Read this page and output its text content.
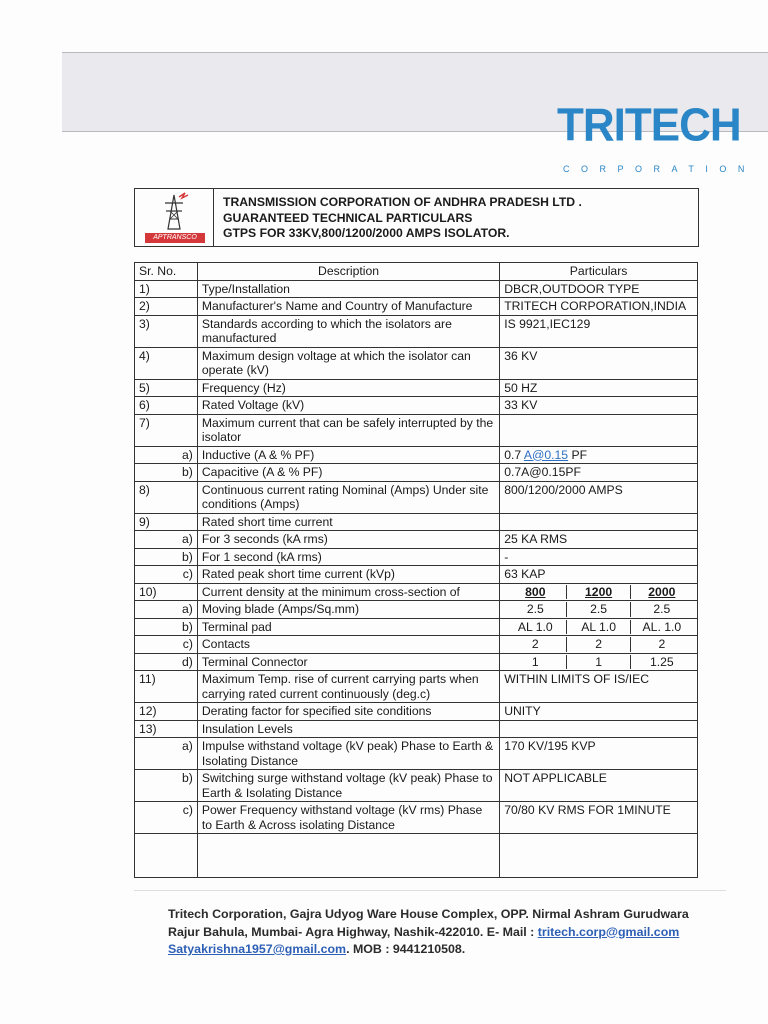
TRITECH
CORPORATION
APTRANSCO
TRANSMISSION CORPORATION OF ANDHRA PRADESH LTD .
GUARANTEED TECHNICAL PARTICULARS
GTPS FOR 33KV,800/1200/2000 AMPS ISOLATOR.
Sr. No.	Description	Particulars
1)	Type/Installation	DBCR,OUTDOOR TYPE
2)	Manufacturer's Name and Country of Manufacture	TRITECH CORPORATION,INDIA
3)	Standards according to which the isolators are manufactured	IS 9921,IEC129
4)	Maximum design voltage at which the isolator can operate (kV)	36 KV
5)	Frequency (Hz)	50 HZ
6)	Rated Voltage (kV)	33 KV
7)	Maximum current that can be safely interrupted by the isolator	
a)	Inductive (A & % PF)	0.7 A@0.15 PF
b)	Capacitive (A & % PF)	0.7A@0.15PF
8)	Continuous current rating Nominal (Amps) Under site conditions (Amps)	800/1200/2000 AMPS
9)	Rated short time current	
a)	For 3 seconds (kA rms)	25 KA RMS
b)	For 1 second (kA rms)	-
c)	Rated peak short time current (kVp)	63 KAP
10)	Current density at the minimum cross-section of	800 1200 2000

a)	Moving blade (Amps/Sq.mm)	2.5 2.5 2.5

b)	Terminal pad	AL 1.0 AL 1.0 AL. 1.0

c)	Contacts	2 2 2

d)	Terminal Connector	1 1 1.25

11)	Maximum Temp. rise of current carrying parts when carrying rated current continuously (deg.c)	WITHIN LIMITS OF IS/IEC
12)	Derating factor for specified site conditions	UNITY
13)	Insulation Levels	
a)	Impulse withstand voltage (kV peak) Phase to Earth & Isolating Distance	170 KV/195 KVP
b)	Switching surge withstand voltage (kV peak) Phase to Earth & Isolating Distance	NOT APPLICABLE
c)	Power Frequency withstand voltage (kV rms) Phase to Earth & Across isolating Distance	70/80 KV RMS FOR 1MINUTE

Tritech Corporation, Gajra Udyog Ware House Complex, OPP. Nirmal Ashram Gurudwara
Rajur Bahula, Mumbai- Agra Highway, Nashik-422010. E- Mail : tritech.corp@gmail.com
Satyakrishna1957@gmail.com. MOB : 9441210508.
